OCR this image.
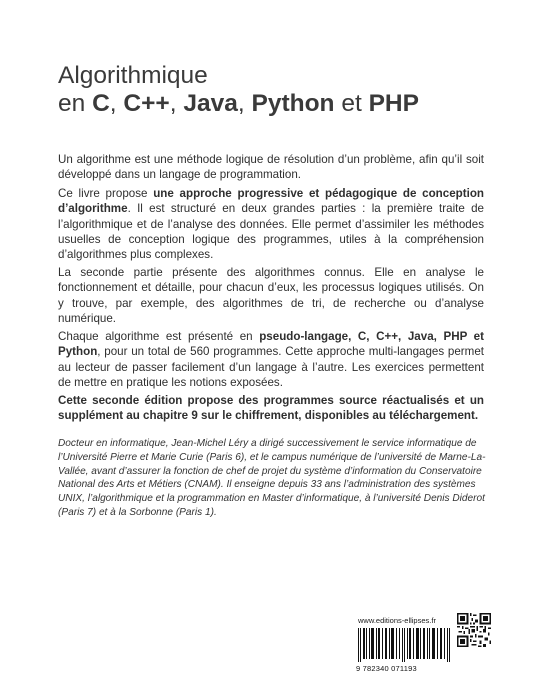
Algorithmique
en C, C++, Java, Python et PHP
Un algorithme est une méthode logique de résolution d’un problème, afin qu’il soit développé dans un langage de programmation.
Ce livre propose une approche progressive et pédagogique de conception d’algorithme. Il est structuré en deux grandes parties : la première traite de l’algorithmique et de l’analyse des données. Elle permet d’assimiler les méthodes usuelles de conception logique des programmes, utiles à la compréhension d’algorithmes plus complexes.
La seconde partie présente des algorithmes connus. Elle en analyse le fonctionnement et détaille, pour chacun d’eux, les processus logiques utilisés. On y trouve, par exemple, des algorithmes de tri, de recherche ou d’analyse numérique.
Chaque algorithme est présenté en pseudo-langage, C, C++, Java, PHP et Python, pour un total de 560 programmes. Cette approche multi-langages permet au lecteur de passer facilement d’un langage à l’autre. Les exercices permettent de mettre en pratique les notions exposées.
Cette seconde édition propose des programmes source réactualisés et un supplément au chapitre 9 sur le chiffrement, disponibles au téléchargement.
Docteur en informatique, Jean-Michel Léry a dirigé successivement le service informatique de l’Université Pierre et Marie Curie (Paris 6), et le campus numérique de l’université de Marne-La-Vallée, avant d’assurer la fonction de chef de projet du système d’information du Conservatoire National des Arts et Métiers (CNAM). Il enseigne depuis 33 ans l’administration des systèmes UNIX, l’algorithmique et la programmation en Master d’informatique, à l’université Denis Diderot (Paris 7) et à la Sorbonne (Paris 1).
www.editions-ellipses.fr
9 782340 071193
